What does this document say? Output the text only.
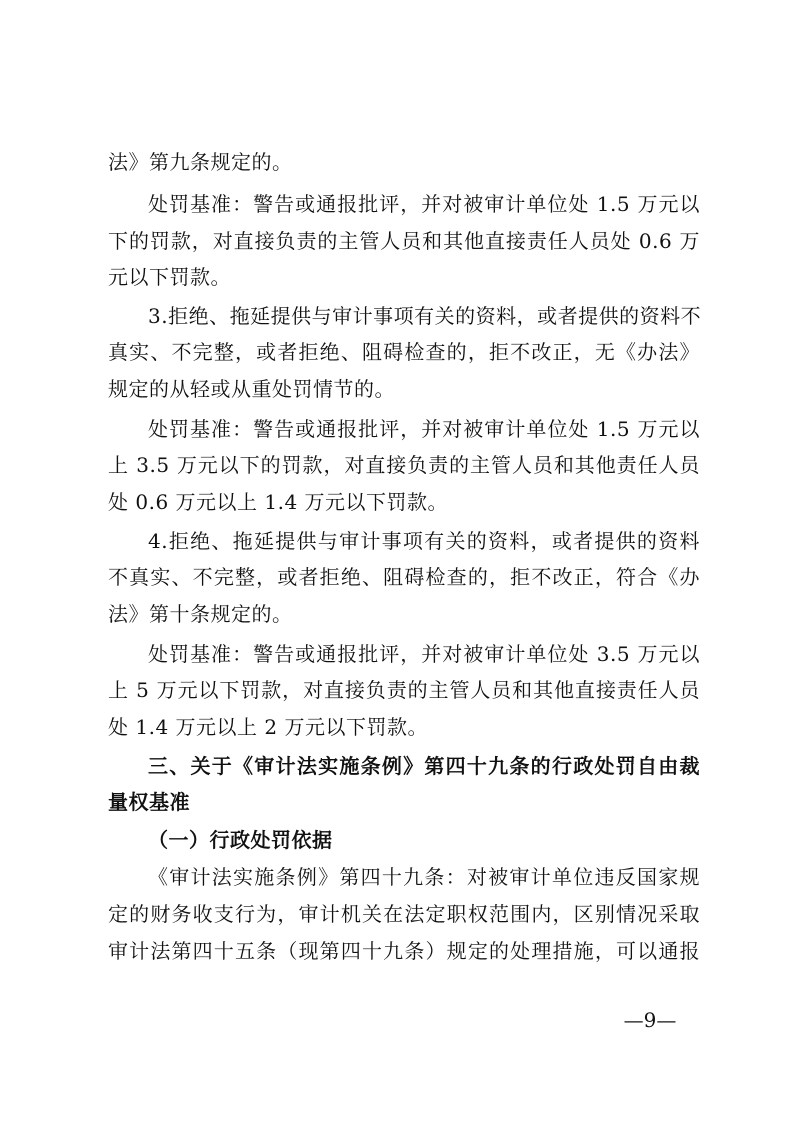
法》第九条规定的。
处罚基准：警告或通报批评，并对被审计单位处 1.5 万元以
下的罚款，对直接负责的主管人员和其他直接责任人员处 0.6 万
元以下罚款。
3.拒绝、拖延提供与审计事项有关的资料，或者提供的资料不
真实、不完整，或者拒绝、阻碍检查的，拒不改正，无《办法》
规定的从轻或从重处罚情节的。
处罚基准：警告或通报批评，并对被审计单位处 1.5 万元以
上 3.5 万元以下的罚款，对直接负责的主管人员和其他责任人员
处 0.6 万元以上 1.4 万元以下罚款。
4.拒绝、拖延提供与审计事项有关的资料，或者提供的资料
不真实、不完整，或者拒绝、阻碍检查的，拒不改正，符合《办
法》第十条规定的。
处罚基准：警告或通报批评，并对被审计单位处 3.5 万元以
上 5 万元以下罚款，对直接负责的主管人员和其他直接责任人员
处 1.4 万元以上 2 万元以下罚款。
三、关于《审计法实施条例》第四十九条的行政处罚自由裁
量权基准
（一）行政处罚依据
《审计法实施条例》第四十九条：对被审计单位违反国家规
定的财务收支行为，审计机关在法定职权范围内，区别情况采取
审计法第四十五条（现第四十九条）规定的处理措施，可以通报
—9—
